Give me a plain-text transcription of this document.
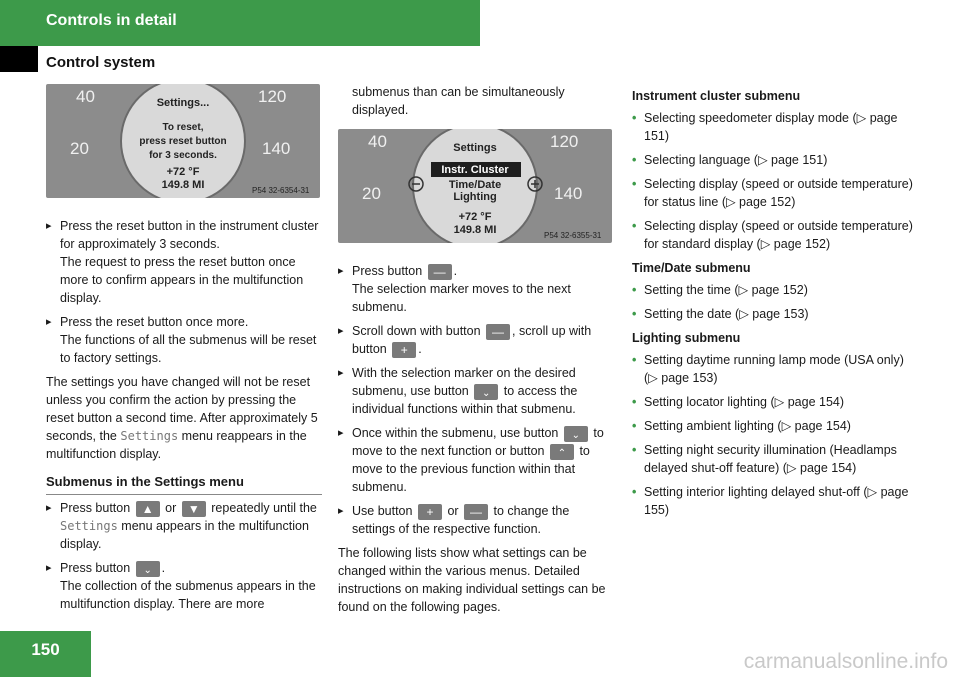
Controls in detail
Control system
40	120
20	140
Settings...
To reset,
press reset button
for 3 seconds.
+72 °F
149.8 MI	P54 32-6354-31

▸ Press the reset button in the instrument cluster for approximately 3 seconds.

The request to press the reset button once more to confirm appears in the multifunction display.

▸ Press the reset button once more.

The functions of all the submenus will be reset to factory settings.

The settings you have changed will not be reset unless you confirm the action by pressing the reset button a second time. After approximately 5 seconds, the Settings menu reappears in the multifunction display.

Submenus in the Settings menu

▸ Press button ▲ or ▼ repeatedly until the Settings menu appears in the multifunction display.

▸ Press button ⌄ .

The collection of the submenus appears in the multifunction display. There are more

submenus than can be simultaneously displayed.

40	120
20	140
Settings
Instr. Cluster
Time/Date
Lighting
+72 °F
149.8 MI	P54 32-6355-31

▸ Press button — .

The selection marker moves to the next submenu.

▸ Scroll down with button — , scroll up with button + .

▸ With the selection marker on the desired submenu, use button ⌄ to access the individual functions within that submenu.

▸ Once within the submenu, use button ⌄ to move to the next function or button ⌃ to move to the previous function within that submenu.

▸ Use button + or — to change the settings of the respective function.

The following lists show what settings can be changed within the various menus. Detailed instructions on making individual settings can be found on the following pages.

Instrument cluster submenu
• Selecting speedometer display mode (▷ page 151)
• Selecting language (▷ page 151)
• Selecting display (speed or outside temperature) for status line (▷ page 152)
• Selecting display (speed or outside temperature) for standard display (▷ page 152)
Time/Date submenu
• Setting the time (▷ page 152)
• Setting the date (▷ page 153)
Lighting submenu
• Setting daytime running lamp mode (USA only) (▷ page 153)
• Setting locator lighting (▷ page 154)
• Setting ambient lighting (▷ page 154)
• Setting night security illumination (Headlamps delayed shut-off feature) (▷ page 154)
• Setting interior lighting delayed shut-off (▷ page 155)
150
carmanualsonline.info
